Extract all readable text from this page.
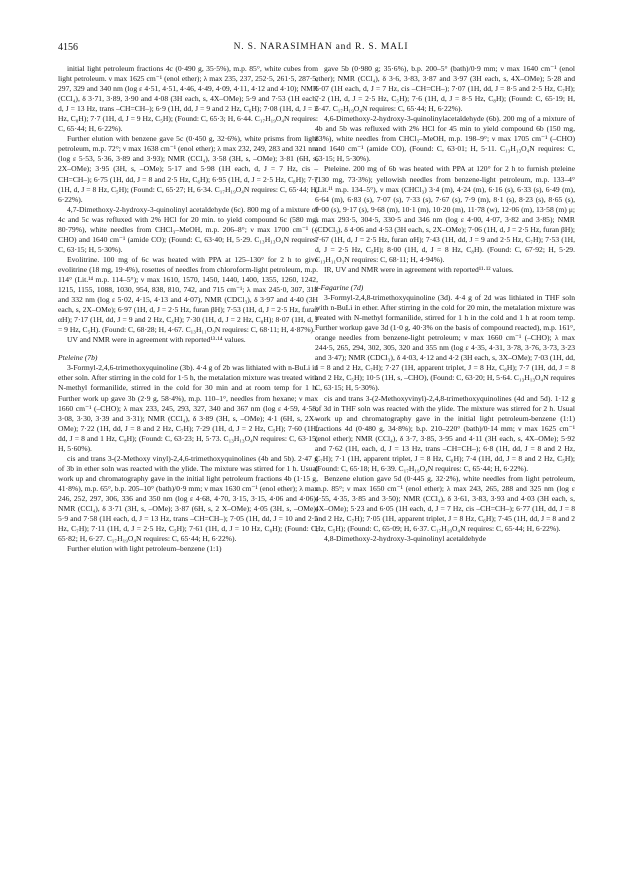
4156	N. S. NARASIMHAN and R. S. MALI

initial light petroleum fractions 4c (0·490 g, 35·5%), m.p. 85°, white cubes from light petroleum. ν max 1625 cm⁻¹ (enol ether); λ max 235, 237, 252·5, 261·5, 287·5, 297, 329 and 340 nm (log ε 4·51, 4·51, 4·46, 4·49, 4·09, 4·11, 4·12 and 4·10); NMR (CCl₄), δ 3·71, 3·89, 3·90 and 4·08 (3H each, s, 4X–OMe); 5·9 and 7·53 (1H each, d, J = 13 Hz, trans –CH=CH–); 6·9 (1H, dd, J = 9 and 2 Hz, C₆H); 7·08 (1H, d, J = 2 Hz, C₈H); 7·7 (1H, d, J = 9 Hz, C₅H); (Found: C, 65·3; H, 6·44. C₁₇H₁₉O₄N requires: C, 65·44; H, 6·22%).

Further elution with benzene gave 5c (0·450 g, 32·6%), white prisms from light petroleum, m.p. 72°; ν max 1638 cm⁻¹ (enol ether); λ max 232, 249, 283 and 321 nm (log ε 5·53, 5·36, 3·89 and 3·93); NMR (CCl₄), 3·58 (3H, s, –OMe); 3·81 (6H, s, 2X–OMe); 3·95 (3H, s, –OMe); 5·17 and 5·98 (1H each, d, J = 7 Hz, cis –CH=CH–); 6·75 (1H, dd, J = 8 and 2·5 Hz, C₆H); 6·95 (1H, d, J = 2·5 Hz, C₈H); 7·7 (1H, d, J = 8 Hz, C₅H); (Found: C, 65·27; H, 6·34. C₁₇H₁₉O₄N requires: C, 65·44; H, 6·22%).

4,7-Dimethoxy-2-hydroxy-3-quinolinyl acetaldehyde (6c). 800 mg of a mixture of 4c and 5c was refluxed with 2% HCl for 20 min. to yield compound 6c (580 mg, 80·79%), white needles from CHCl₃–MeOH, m.p. 206–8°; ν max 1700 cm⁻¹ (–CHO) and 1640 cm⁻¹ (amide CO); (Found: C, 63·40; H, 5·29. C₁₃H₁₃O₄N requires: C, 63·15; H, 5·30%).

Evolitrine. 100 mg of 6c was heated with PPA at 125–130° for 2 h to give evolitrine (18 mg, 19·4%), rosettes of needles from chloroform-light petroleum, m.p. 114° (Lit.¹⁴ m.p. 114–5°); ν max 1610, 1570, 1450, 1440, 1400, 1355, 1260, 1242, 1215, 1155, 1088, 1030, 954, 838, 810, 742, and 715 cm⁻¹; λ max 245·0, 307, 318 and 332 nm (log ε 5·02, 4·15, 4·13 and 4·07), NMR (CDCl₃), δ 3·97 and 4·40 (3H each, s, 2X–OMe); 6·97 (1H, d, J = 2·5 Hz, furan βH); 7·53 (1H, d, J = 2·5 Hz, furan αH); 7·17 (1H, dd, J = 9 and 2 Hz, C₆H); 7·30 (1H, d, J = 2 Hz, C₈H); 8·07 (1H, d, J = 9 Hz, C₅H). (Found: C, 68·28; H, 4·67. C₁₃H₁₁O₃N requires: C, 68·11; H, 4·87%).

UV and NMR were in agreement with reported¹³·¹⁴ values.

Pteleine (7b)

3-Formyl-2,4,6-trimethoxyquinoline (3b). 4·4 g of 2b was lithiated with n-BuLi in ether soln. After stirring in the cold for 1·5 h, the metalation mixture was treated with N-methyl formanilide, stirred in the cold for 30 min and at room temp for 1 h. Further work up gave 3b (2·9 g, 58·4%), m.p. 110–1°, needles from hexane; ν max 1660 cm⁻¹ (–CHO); λ max 233, 245, 293, 327, 340 and 367 nm (log ε 4·59, 4·58, 3·08, 3·30, 3·39 and 3·31); NMR (CCl₄), δ 3·89 (3H, s, –OMe); 4·1 (6H, s, 2X–OMe); 7·22 (1H, dd, J = 8 and 2 Hz, C₇H); 7·29 (1H, d, J = 2 Hz, C₅H); 7·60 (1H, dd, J = 8 and 1 Hz, C₈H); (Found: C, 63·23; H, 5·73. C₁₃H₁₃O₄N requires: C, 63·15; H, 5·60%).

cis and trans 3-(2-Methoxy vinyl)-2,4,6-trimethoxyquinolines (4b and 5b). 2·47 g of 3b in ether soln was reacted with the ylide. The mixture was stirred for 1 h. Usual work up and chromatography gave in the initial light petroleum fractions 4b (1·15 g, 41·8%), m.p. 65°, b.p. 205–10° (bath)/0·9 mm; ν max 1630 cm⁻¹ (enol ether); λ max 246, 252, 297, 306, 336 and 350 nm (log ε 4·68, 4·70, 3·15, 3·15, 4·06 and 4·06); NMR (CCl₄), δ 3·71 (3H, s, –OMe); 3·87 (6H, s, 2 X–OMe); 4·05 (3H, s, –OMe); 5·9 and 7·58 (1H each, d, J = 13 Hz, trans –CH=CH–); 7·05 (1H, dd, J = 10 and 2·5 Hz, C₇H); 7·11 (1H, d, J = 2·5 Hz, C₅H); 7·61 (1H, d, J = 10 Hz, C₈H); (Found: C, 65·82; H, 6·27. C₁₇H₁₉O₄N requires: C, 65·44; H, 6·22%).

Further elution with light petroleum–benzene (1:1)

gave 5b (0·980 g; 35·6%), b.p. 200–5° (bath)/0·9 mm; ν max 1640 cm⁻¹ (enol ether); NMR (CCl₄), δ 3·6, 3·83, 3·87 and 3·97 (3H each, s, 4X–OMe); 5·28 and 6·07 (1H each, d, J = 7 Hz, cis –CH=CH–); 7·07 (1H, dd, J = 8·5 and 2·5 Hz, C₇H); 7·2 (1H, d, J = 2·5 Hz, C₅H); 7·6 (1H, d, J = 8·5 Hz, C₈H); (Found: C, 65·19; H, 6·47. C₁₇H₁₉O₄N requires: C, 65·44; H, 6·22%).

4,6-Dimethoxy-2-hydroxy-3-quinolinylacetaldehyde (6b). 200 mg of a mixture of 4b and 5b was refluxed with 2% HCl for 45 min to yield compound 6b (150 mg, 83%), white needles from CHCl₃–MeOH, m.p. 198–9°; ν max 1705 cm⁻¹ (–CHO) and 1640 cm⁻¹ (amide CO), (Found: C, 63·01; H, 5·11. C₁₃H₁₃O₄N requires: C, 63·15; H, 5·30%).

Pteleine. 200 mg of 6b was heated with PPA at 120° for 2 h to furnish pteleine (130 mg, 73·3%); yellowish needles from benzene-light petroleum, m.p. 133–4° (Lit.¹¹ m.p. 134–5°), ν max (CHCl₃) 3·4 (m), 4·24 (m), 6·16 (s), 6·33 (s), 6·49 (m), 6·64 (m), 6·83 (s), 7·07 (s), 7·33 (s), 7·67 (s), 7·9 (m), 8·1 (s), 8·23 (s), 8·65 (s), 9·00 (s), 9·17 (s), 9·68 (m), 10·1 (m), 10·20 (m), 11·78 (w), 12·06 (m), 13·58 (m) μ; λ max 293·5, 304·5, 330·5 and 346 nm (log ε 4·00, 4·07, 3·82 and 3·85); NMR (CDCl₃), δ 4·06 and 4·53 (3H each, s, 2X–OMe); 7·06 (1H, d, J = 2·5 Hz, furan βH); 7·67 (1H, d, J = 2·5 Hz, furan αH); 7·43 (1H, dd, J = 9 and 2·5 Hz, C₇H); 7·53 (1H, d, J = 2·5 Hz, C₅H); 8·00 (1H, d, J = 8 Hz, C₈H). (Found: C, 67·92; H, 5·29. C₁₃H₁₁O₃N requires: C, 68·11; H, 4·94%).

IR, UV and NMR were in agreement with reported¹¹·¹² values.

γ-Fagarine (7d)

3-Formyl-2,4,8-trimethoxyquinoline (3d). 4·4 g of 2d was lithiated in THF soln with n-BuLi in ether. After stirring in the cold for 20 min, the metalation mixture was treated with N-methyl formanilide, stirred for 1 h in the cold and 1 h at room temp. Further workup gave 3d (1·0 g, 40·3% on the basis of compound reacted), m.p. 161°, orange needles from benzene-light petroleum; ν max 1660 cm⁻¹ (–CHO); λ max 244·5, 265, 294, 302, 305, 320 and 355 nm (log ε 4·35, 4·31, 3·78, 3·76, 3·73, 3·23 and 3·47); NMR (CDCl₃), δ 4·03, 4·12 and 4·2 (3H each, s, 3X–OMe); 7·03 (1H, dd, J = 8 and 2 Hz, C₇H); 7·27 (1H, apparent triplet, J = 8 Hz, C₆H); 7·7 (1H, dd, J = 8 and 2 Hz, C₅H); 10·5 (1H, s, –CHO), (Found: C, 63·20; H, 5·64. C₁₃H₁₃O₄N requires C, 63·15; H, 5·30%).

cis and trans 3-(2-Methoxyvinyl)-2,4,8-trimethoxyquinolines (4d and 5d). 1·12 g of 3d in THF soln was reacted with the ylide. The mixture was stirred for 2 h. Usual work up and chromatography gave in the initial light petroleum-benzene (1:1) fractions 4d (0·480 g, 34·8%); b.p. 210–220° (bath)/0·14 mm; ν max 1625 cm⁻¹ (enol ether); NMR (CCl₄), δ 3·7, 3·85, 3·95 and 4·11 (3H each, s, 4X–OMe); 5·92 and 7·62 (1H, each, d, J = 13 Hz, trans –CH=CH–); 6·8 (1H, dd, J = 8 and 2 Hz, C₇H); 7·1 (1H, apparent triplet, J = 8 Hz, C₆H); 7·4 (1H, dd, J = 8 and 2 Hz, C₅H); (Found: C, 65·18; H, 6·39. C₁₇H₁₉O₄N requires: C, 65·44; H, 6·22%).

Benzene elution gave 5d (0·445 g, 32·2%), white needles from light petroleum, m.p. 85°; ν max 1650 cm⁻¹ (enol ether); λ max 243, 265, 288 and 325 nm (log ε 4·55, 4·35, 3·85 and 3·50); NMR (CCl₄), δ 3·61, 3·83, 3·93 and 4·03 (3H each, s, 4X–OMe); 5·23 and 6·05 (1H each, d, J = 7 Hz, cis –CH=CH–); 6·77 (1H, dd, J = 8 and 2 Hz, C₇H); 7·05 (1H, apparent triplet, J = 8 Hz, C₆H); 7·45 (1H, dd, J = 8 and 2 Hz, C₅H); (Found: C, 65·09; H, 6·37. C₁₇H₁₉O₄N requires: C, 65·44; H, 6·22%).

4,8-Dimethoxy-2-hydroxy-3-quinolinyl acetaldehyde
